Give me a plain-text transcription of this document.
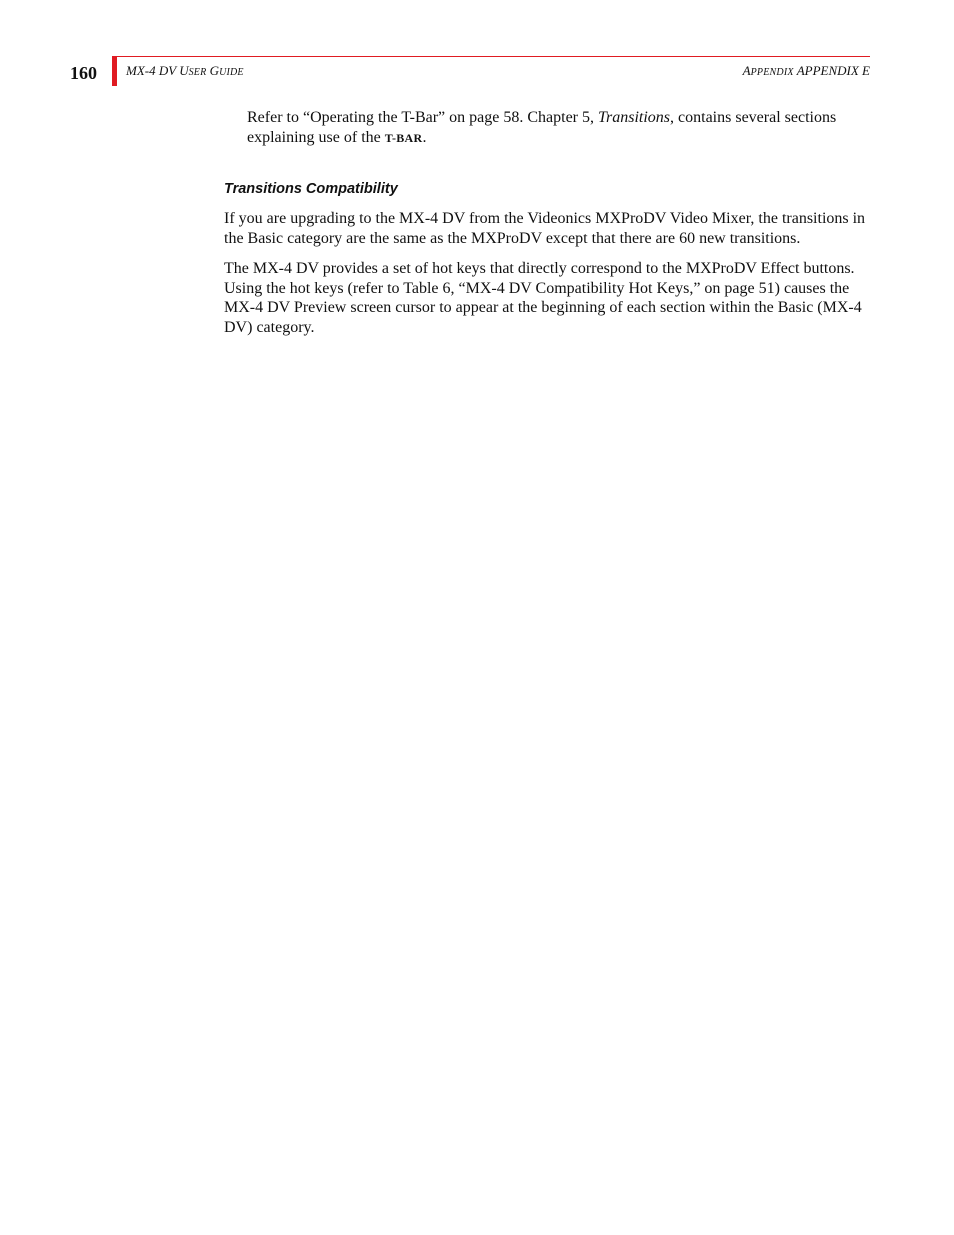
160 MX-4 DV USER GUIDE	APPENDIX APPENDIX E

Refer to “Operating the T-Bar” on page 58. Chapter 5, Transitions, contains several sections explaining use of the T-BAR.

Transitions Compatibility

If you are upgrading to the MX-4 DV from the Videonics MXProDV Video Mixer, the transitions in the Basic category are the same as the MXProDV except that there are 60 new transitions.

The MX-4 DV provides a set of hot keys that directly correspond to the MXProDV Effect buttons. Using the hot keys (refer to Table 6, “MX-4 DV Compatibility Hot Keys,” on page 51) causes the MX-4 DV Preview screen cursor to appear at the beginning of each section within the Basic (MX-4 DV) category.
